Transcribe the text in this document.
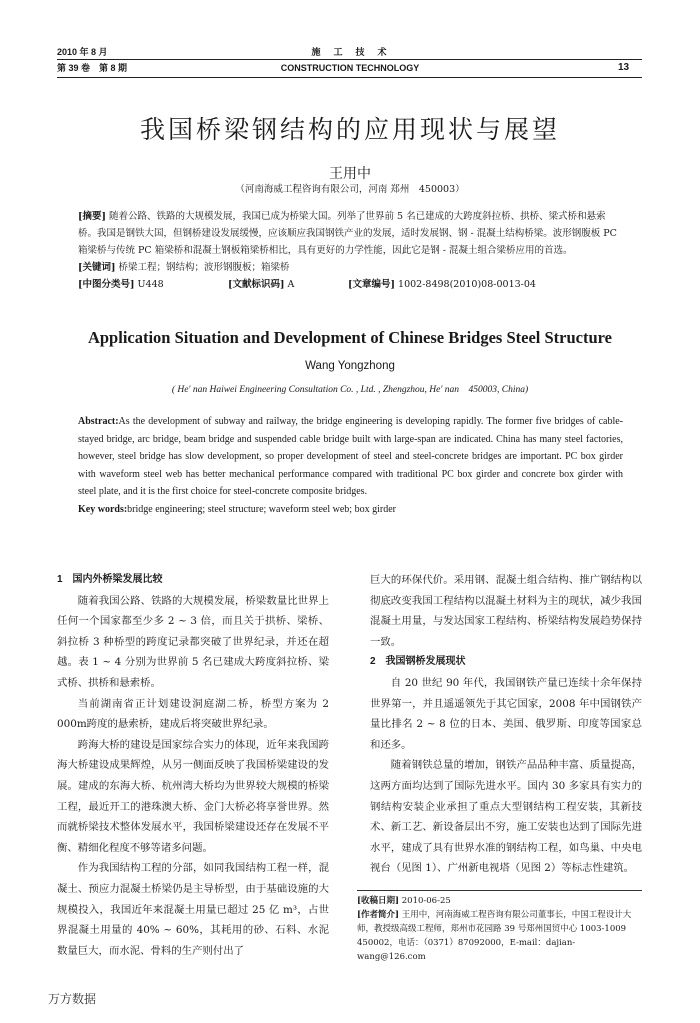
2010 年 8 月
第 39 卷　第 8 期
施　工　技　术
CONSTRUCTION TECHNOLOGY	13
我国桥梁钢结构的应用现状与展望
王用中
（河南海威工程咨询有限公司，河南 郑州　450003）

[摘要] 随着公路、铁路的大规模发展，我国已成为桥梁大国。列举了世界前 5 名已建成的大跨度斜拉桥、拱桥、梁式桥和悬索桥。我国是钢铁大国，但钢桥建设发展缓慢，应该顺应我国钢铁产业的发展，适时发展钢、钢 - 混凝土结构桥梁。波形钢腹板 PC 箱梁桥与传统 PC 箱梁桥和混凝土钢板箱梁桥相比，具有更好的力学性能，因此它是钢 - 混凝土组合梁桥应用的首选。

[关键词] 桥梁工程；钢结构；波形钢腹板；箱梁桥

[中图分类号] U448	[文献标识码] A	[文章编号] 1002-8498(2010)08-0013-04

Application Situation and Development of Chinese Bridges Steel Structure
Wang Yongzhong
( He' nan Haiwei Engineering Consultation Co. , Ltd. , Zhengzhou, He' nan　450003, China)
Abstract:As the development of subway and railway, the bridge engineering is developing rapidly. The former five bridges of cable-stayed bridge, arc bridge, beam bridge and suspended cable bridge built with large-span are indicated. China has many steel factories, however, steel bridge has slow development, so proper development of steel and steel-concrete bridges are important. PC box girder with waveform steel web has better mechanical performance compared with traditional PC box girder and concrete box girder with steel plate, and it is the first choice for steel-concrete composite bridges.
Key words:bridge engineering; steel structure; waveform steel web; box girder
1　国内外桥梁发展比较

随着我国公路、铁路的大规模发展，桥梁数量比世界上任何一个国家都至少多 2 ~ 3 倍，而且关于拱桥、梁桥、斜拉桥 3 种桥型的跨度记录都突破了世界纪录，并还在超越。表 1 ~ 4 分别为世界前 5 名已建成大跨度斜拉桥、梁式桥、拱桥和悬索桥。

当前湖南省正计划建设洞庭湖二桥，桥型方案为 2 000m跨度的悬索桥，建成后将突破世界纪录。

跨海大桥的建设是国家综合实力的体现，近年来我国跨海大桥建设成果辉煌，从另一侧面反映了我国桥梁建设的发展。建成的东海大桥、杭州湾大桥均为世界较大规模的桥梁工程，最近开工的港珠澳大桥、金门大桥必将享誉世界。然而就桥梁技术整体发展水平，我国桥梁建设还存在发展不平衡、精细化程度不够等诸多问题。

作为我国结构工程的分部，如同我国结构工程一样，混凝土、预应力混凝土桥梁仍是主导桥型，由于基础设施的大规模投入，我国近年来混凝土用量已超过 25 亿 m³，占世界混凝土用量的 40% ~ 60%，其耗用的砂、石料、水泥数量巨大，而水泥、骨料的生产则付出了

巨大的环保代价。采用钢、混凝土组合结构、推广钢结构以彻底改变我国工程结构以混凝土材料为主的现状，减少我国混凝土用量，与发达国家工程结构、桥梁结构发展趋势保持一致。

2　我国钢桥发展现状

自 20 世纪 90 年代，我国钢铁产量已连续十余年保持世界第一，并且遥遥领先于其它国家，2008 年中国钢铁产量比排名 2 ~ 8 位的日本、美国、俄罗斯、印度等国家总和还多。

随着钢铁总量的增加，钢铁产品品种丰富、质量提高，这两方面均达到了国际先进水平。国内 30 多家具有实力的钢结构安装企业承担了重点大型钢结构工程安装，其新技术、新工艺、新设备层出不穷，施工安装也达到了国际先进水平，建成了具有世界水准的钢结构工程，如鸟巢、中央电视台（见图 1）、广州新电视塔（见图 2）等标志性建筑。

[收稿日期] 2010-06-25

[作者简介] 王用中，河南海威工程咨询有限公司董事长，中国工程设计大师，教授级高级工程师，郑州市花园路 39 号郑州国贸中心 1003-1009　450002，电话：（0371）87092000，E-mail：dajian-wang@126.com

万方数据
